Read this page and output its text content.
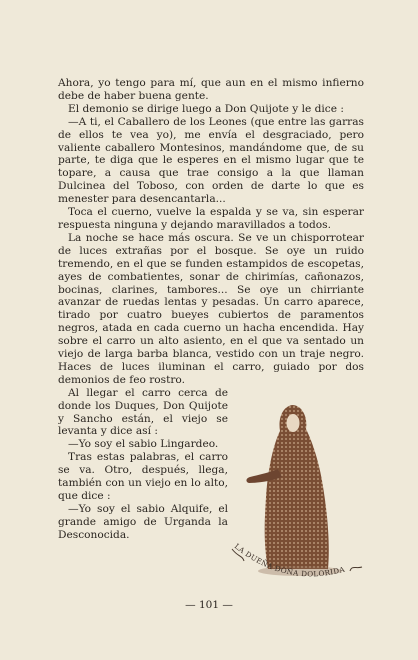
Ahora, yo tengo para mí, que aun en el mismo infierno debe de haber buena gente.

El demonio se dirige luego a Don Quijote y le dice :

—A ti, el Caballero de los Leones (que entre las garras de ellos te vea yo), me envía el desgraciado, pero valiente caballero Montesinos, mandándome que, de su parte, te diga que le esperes en el mismo lugar que te topare, a causa que trae consigo a la que llaman Dulcinea del Toboso, con orden de darte lo que es menester para desencantarla...

Toca el cuerno, vuelve la espalda y se va, sin esperar respuesta ninguna y dejando maravillados a todos.

La noche se hace más oscura. Se ve un chisporrotear de luces extrañas por el bosque. Se oye un ruido tremendo, en el que se funden estampidos de escopetas, ayes de combatientes, sonar de chirimías, cañonazos, bocinas, clarines, tambores... Se oye un chirriante avanzar de ruedas lentas y pesadas. Un carro aparece, tirado por cuatro bueyes cubiertos de paramentos negros, atada en cada cuerno un hacha encendida. Hay sobre el carro un alto asiento, en el que va sentado un viejo de larga barba blanca, vestido con un traje negro. Haces de luces iluminan el carro, guiado por dos demonios de feo rostro.

Al llegar el carro cerca de donde los Duques, Don Quijote y Sancho están, el viejo se levanta y dice así :

—Yo soy el sabio Lingardeo.

Tras estas palabras, el carro se va. Otro, después, llega, también con un viejo en lo alto, que dice :

—Yo soy el sabio Alquife, el grande amigo de Urganda la Desconocida.

LA DUEÑA DOÑA DOLORIDA
— 101 —
